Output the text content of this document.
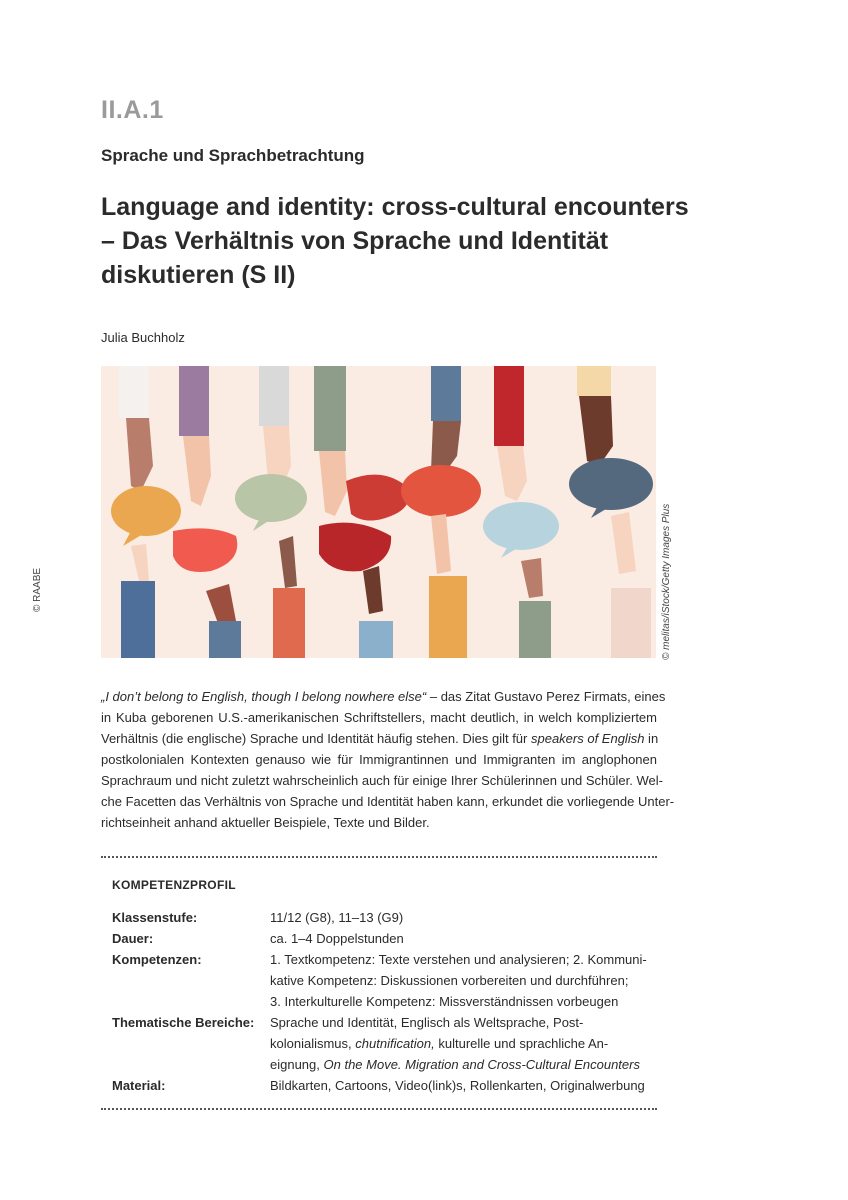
II.A.1
Sprache und Sprachbetrachtung
Language and identity: cross-cultural encounters
– Das Verhältnis von Sprache und Identität
diskutieren (S II)
Julia Buchholz
© RAABE	© melitas/iStock/Getty Images Plus
„I don’t belong to English, though I belong nowhere else“ – das Zitat Gustavo Perez Firmats, eines
in Kuba geborenen U.S.-amerikanischen Schriftstellers, macht deutlich, in welch kompliziertem
Verhältnis (die englische) Sprache und Identität häufig stehen. Dies gilt für speakers of English in
postkolonialen Kontexten genauso wie für Immigrantinnen und Immigranten im anglophonen
Sprachraum und nicht zuletzt wahrscheinlich auch für einige Ihrer Schülerinnen und Schüler. Wel-
che Facetten das Verhältnis von Sprache und Identität haben kann, erkundet die vorliegende Unter-
richtseinheit anhand aktueller Beispiele, Texte und Bilder.
KOMPETENZPROFIL
Klassenstufe:	11/12 (G8), 11–13 (G9)
Dauer:	ca. 1–4 Doppelstunden
Kompetenzen:	1. Textkompetenz: Texte verstehen und analysieren; 2. Kommuni-
kative Kompetenz: Diskussionen vorbereiten und durchführen;
3. Interkulturelle Kompetenz: Missverständnissen vorbeugen
Thematische Bereiche: Sprache und Identität, Englisch als Weltsprache, Post-
kolonialismus, chutnification, kulturelle und sprachliche An-
eignung, On the Move. Migration and Cross-Cultural Encounters
Material:	Bildkarten, Cartoons, Video(link)s, Rollenkarten, Originalwerbung
